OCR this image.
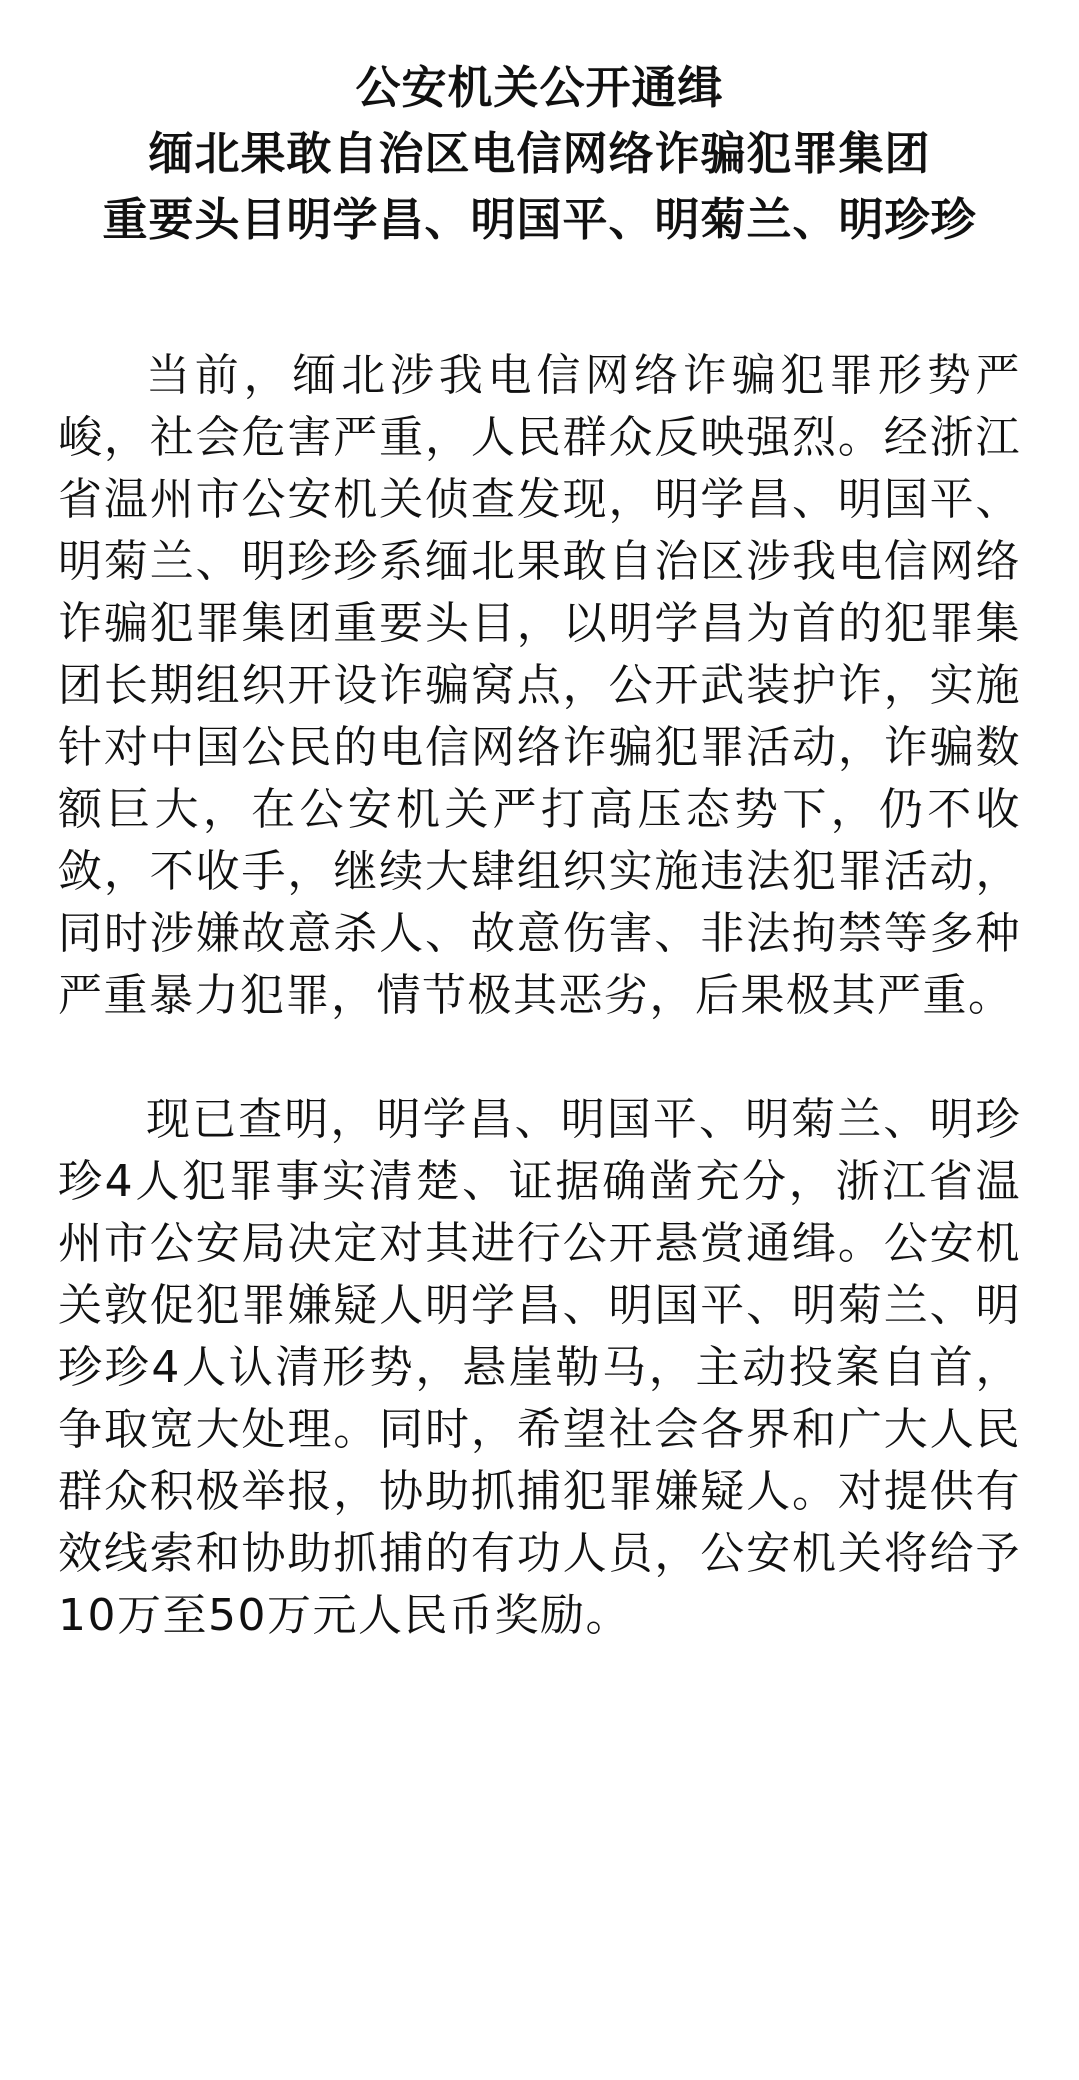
公安机关公开通缉
缅北果敢自治区电信网络诈骗犯罪集团
重要头目明学昌、明国平、明菊兰、明珍珍

当前，缅北涉我电信网络诈骗犯罪形势严峻，社会危害严重，人民群众反映强烈。经浙江省温州市公安机关侦查发现，明学昌、明国平、明菊兰、明珍珍系缅北果敢自治区涉我电信网络诈骗犯罪集团重要头目，以明学昌为首的犯罪集团长期组织开设诈骗窝点，公开武装护诈，实施针对中国公民的电信网络诈骗犯罪活动，诈骗数额巨大，在公安机关严打高压态势下，仍不收敛，不收手，继续大肆组织实施违法犯罪活动，同时涉嫌故意杀人、故意伤害、非法拘禁等多种严重暴力犯罪，情节极其恶劣，后果极其严重。

现已查明，明学昌、明国平、明菊兰、明珍珍4人犯罪事实清楚、证据确凿充分，浙江省温州市公安局决定对其进行公开悬赏通缉。公安机关敦促犯罪嫌疑人明学昌、明国平、明菊兰、明珍珍4人认清形势，悬崖勒马，主动投案自首，争取宽大处理。同时，希望社会各界和广大人民群众积极举报，协助抓捕犯罪嫌疑人。对提供有效线索和协助抓捕的有功人员，公安机关将给予10万至50万元人民币奖励。
